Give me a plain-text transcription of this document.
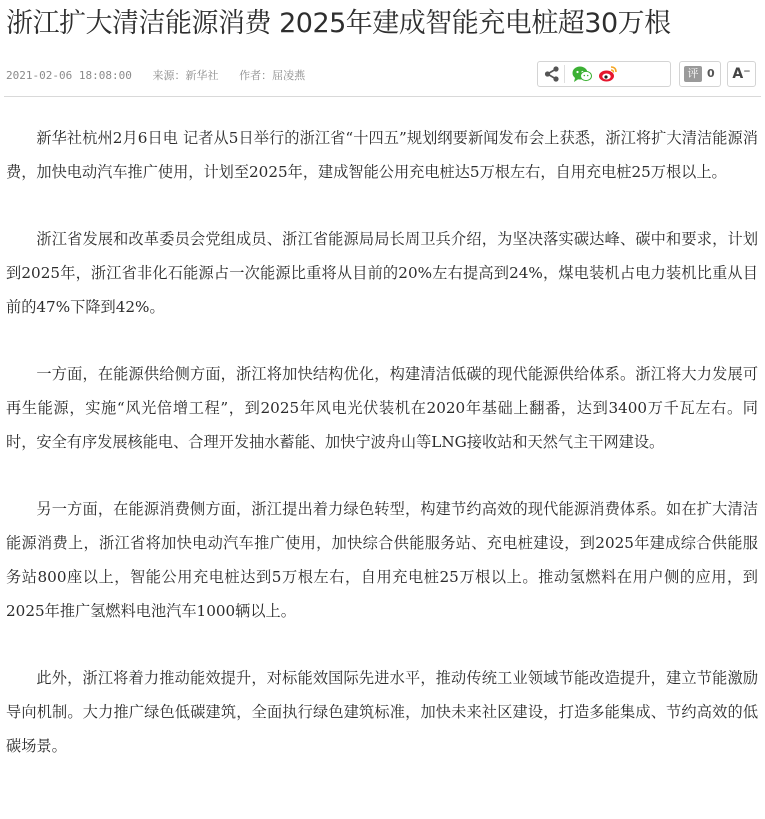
浙江扩大清洁能源消费 2025年建成智能充电桩超30万根
2021-02-06 18:08:00 来源：新华社 作者：屈凌燕	评 0	A⁻

新华社杭州2月6日电 记者从5日举行的浙江省“十四五”规划纲要新闻发布会上获悉，浙江将扩大清洁能源消费，加快电动汽车推广使用，计划至2025年，建成智能公用充电桩达5万根左右，自用充电桩25万根以上。

浙江省发展和改革委员会党组成员、浙江省能源局局长周卫兵介绍，为坚决落实碳达峰、碳中和要求，计划到2025年，浙江省非化石能源占一次能源比重将从目前的20%左右提高到24%，煤电装机占电力装机比重从目前的47%下降到42%。

一方面，在能源供给侧方面，浙江将加快结构优化，构建清洁低碳的现代能源供给体系。浙江将大力发展可再生能源，实施“风光倍增工程”，到2025年风电光伏装机在2020年基础上翻番，达到3400万千瓦左右。同时，安全有序发展核能电、合理开发抽水蓄能、加快宁波舟山等LNG接收站和天然气主干网建设。

另一方面，在能源消费侧方面，浙江提出着力绿色转型，构建节约高效的现代能源消费体系。如在扩大清洁能源消费上，浙江省将加快电动汽车推广使用，加快综合供能服务站、充电桩建设，到2025年建成综合供能服务站800座以上，智能公用充电桩达到5万根左右，自用充电桩25万根以上。推动氢燃料在用户侧的应用，到2025年推广氢燃料电池汽车1000辆以上。

此外，浙江将着力推动能效提升，对标能效国际先进水平，推动传统工业领域节能改造提升，建立节能激励导向机制。大力推广绿色低碳建筑，全面执行绿色建筑标准，加快未来社区建设，打造多能集成、节约高效的低碳场景。
